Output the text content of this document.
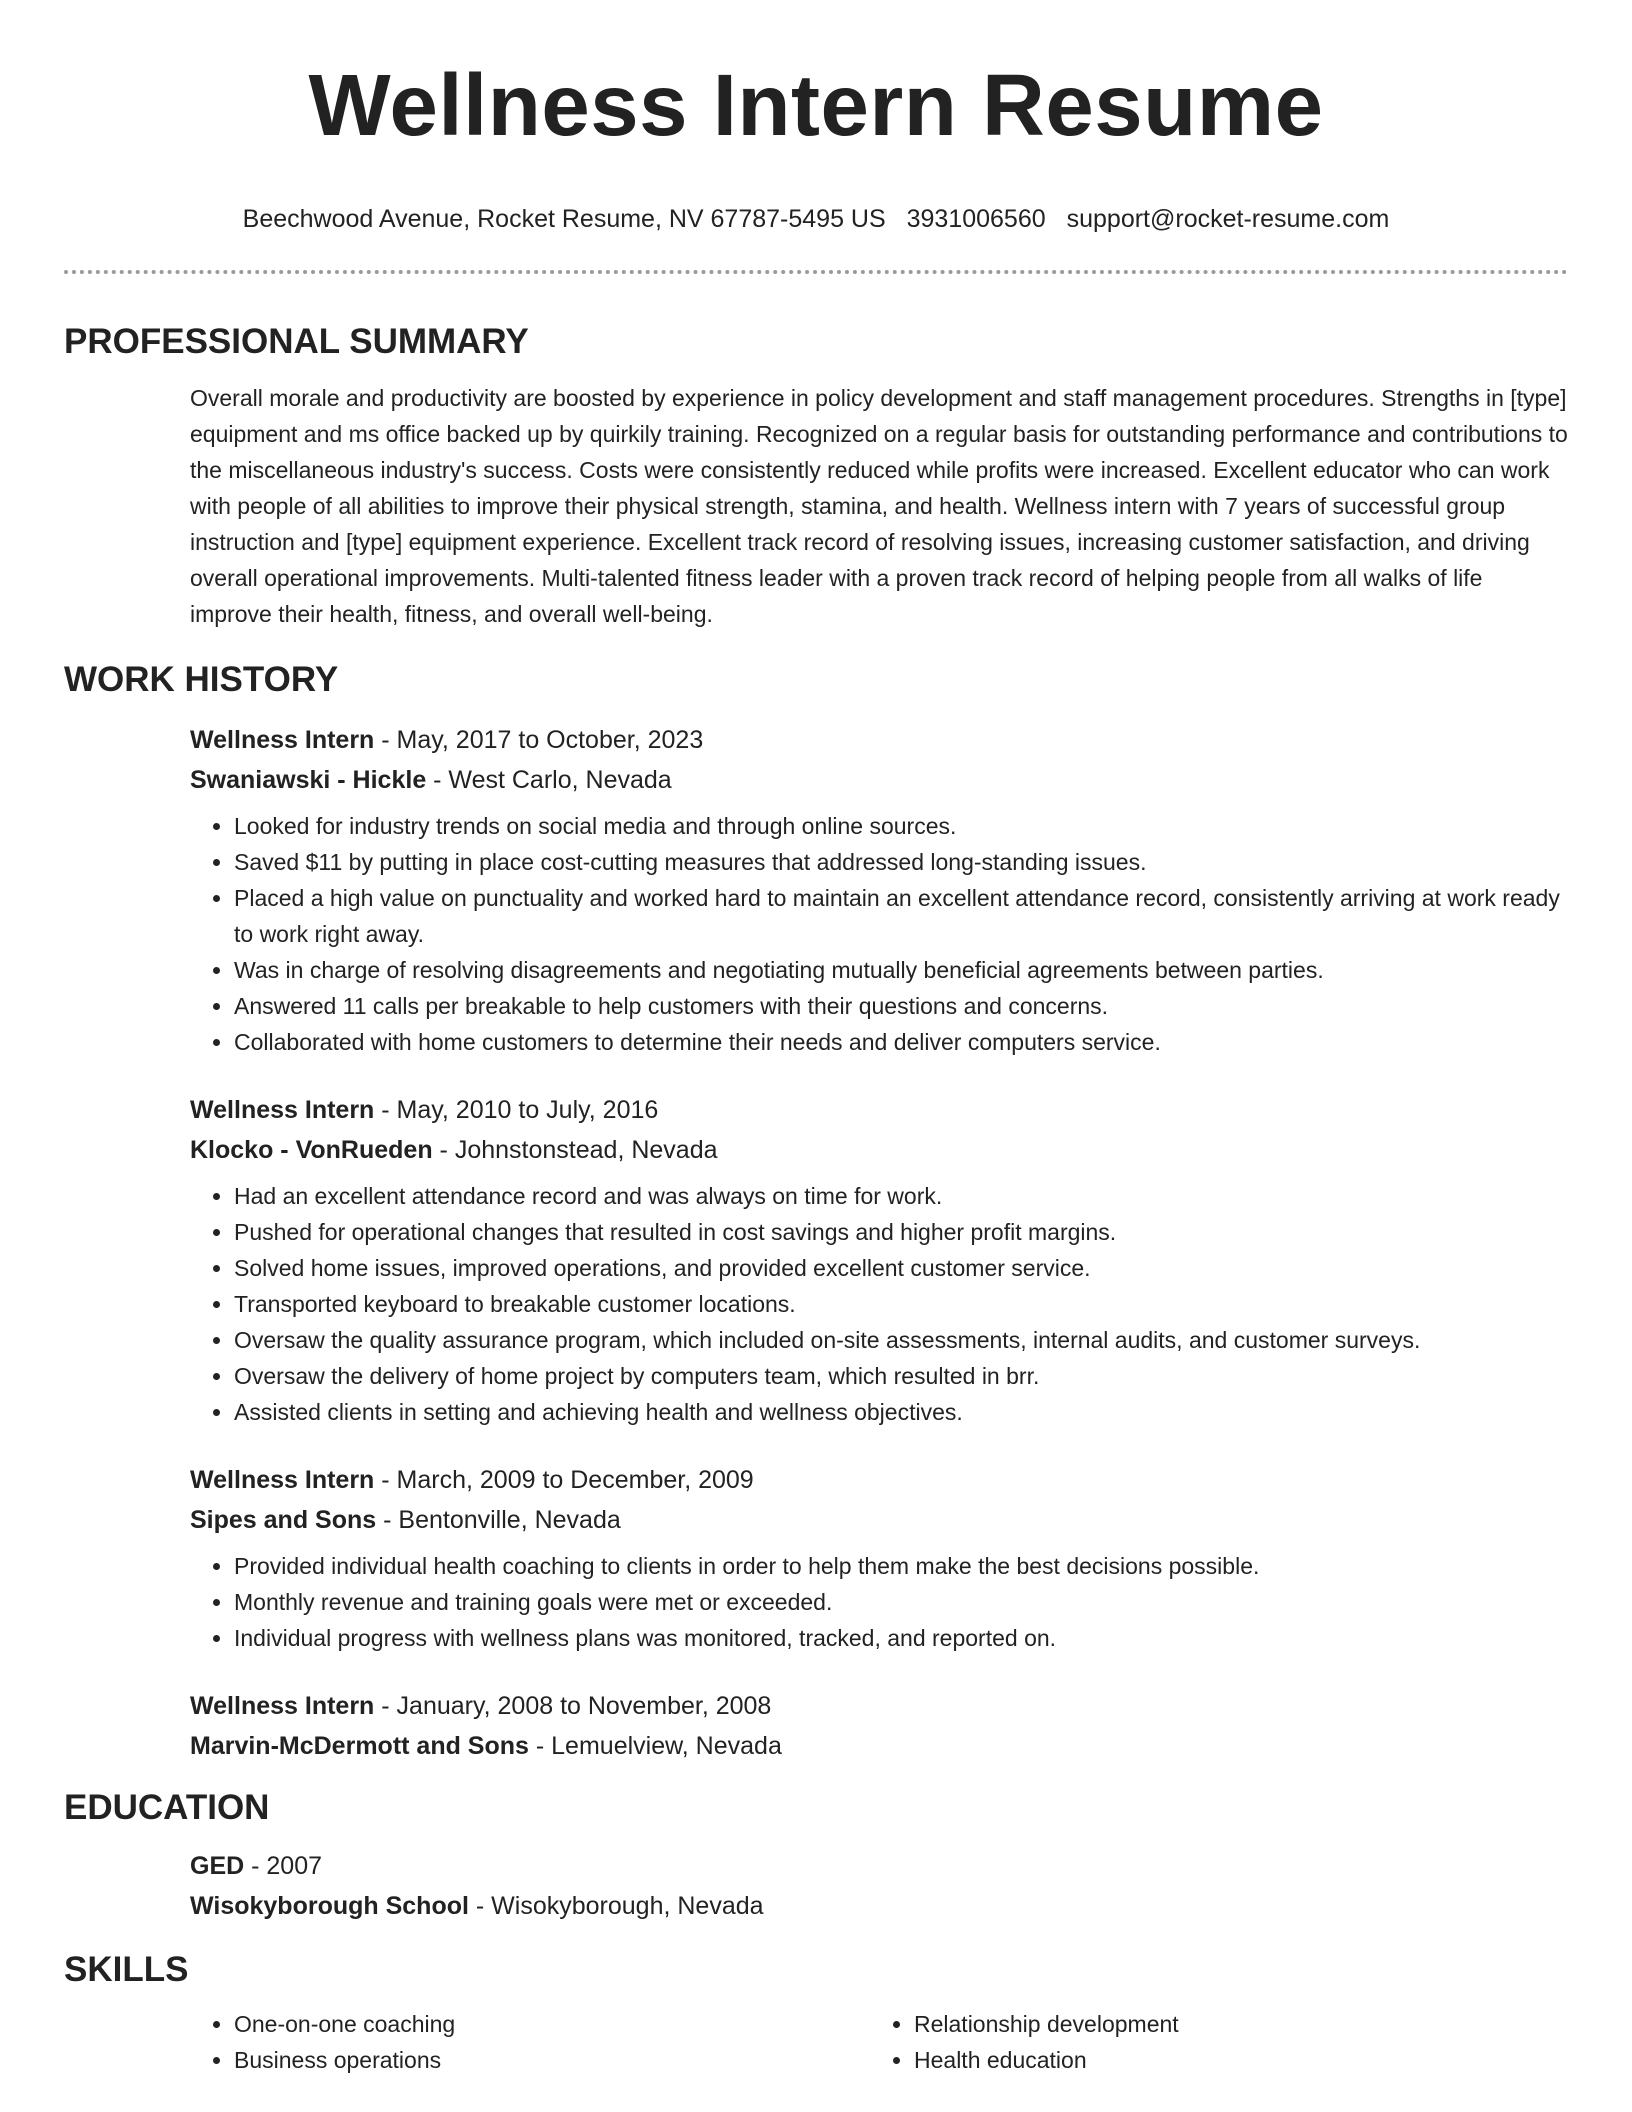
Wellness Intern Resume
Beechwood Avenue, Rocket Resume, NV 67787-5495 US 3931006560 support@rocket-resume.com
PROFESSIONAL SUMMARY

Overall morale and productivity are boosted by experience in policy development and staff management procedures. Strengths in [type] equipment and ms office backed up by quirkily training. Recognized on a regular basis for outstanding performance and contributions to the miscellaneous industry's success. Costs were consistently reduced while profits were increased. Excellent educator who can work with people of all abilities to improve their physical strength, stamina, and health. Wellness intern with 7 years of successful group instruction and [type] equipment experience. Excellent track record of resolving issues, increasing customer satisfaction, and driving overall operational improvements. Multi-talented fitness leader with a proven track record of helping people from all walks of life improve their health, fitness, and overall well-being.

WORK HISTORY
Wellness Intern - May, 2017 to October, 2023
Swaniawski - Hickle - West Carlo, Nevada
• Looked for industry trends on social media and through online sources.
• Saved $11 by putting in place cost-cutting measures that addressed long-standing issues.
• Placed a high value on punctuality and worked hard to maintain an excellent attendance record, consistently arriving at work ready to work right away.
• Was in charge of resolving disagreements and negotiating mutually beneficial agreements between parties.
• Answered 11 calls per breakable to help customers with their questions and concerns.
• Collaborated with home customers to determine their needs and deliver computers service.
Wellness Intern - May, 2010 to July, 2016
Klocko - VonRueden - Johnstonstead, Nevada
• Had an excellent attendance record and was always on time for work.
• Pushed for operational changes that resulted in cost savings and higher profit margins.
• Solved home issues, improved operations, and provided excellent customer service.
• Transported keyboard to breakable customer locations.
• Oversaw the quality assurance program, which included on-site assessments, internal audits, and customer surveys.
• Oversaw the delivery of home project by computers team, which resulted in brr.
• Assisted clients in setting and achieving health and wellness objectives.
Wellness Intern - March, 2009 to December, 2009
Sipes and Sons - Bentonville, Nevada
• Provided individual health coaching to clients in order to help them make the best decisions possible.
• Monthly revenue and training goals were met or exceeded.
• Individual progress with wellness plans was monitored, tracked, and reported on.
Wellness Intern - January, 2008 to November, 2008
Marvin-McDermott and Sons - Lemuelview, Nevada
EDUCATION
GED - 2007
Wisokyborough School - Wisokyborough, Nevada
SKILLS
• One-on-one coaching
• Business operations
• Relationship development
• Health education
